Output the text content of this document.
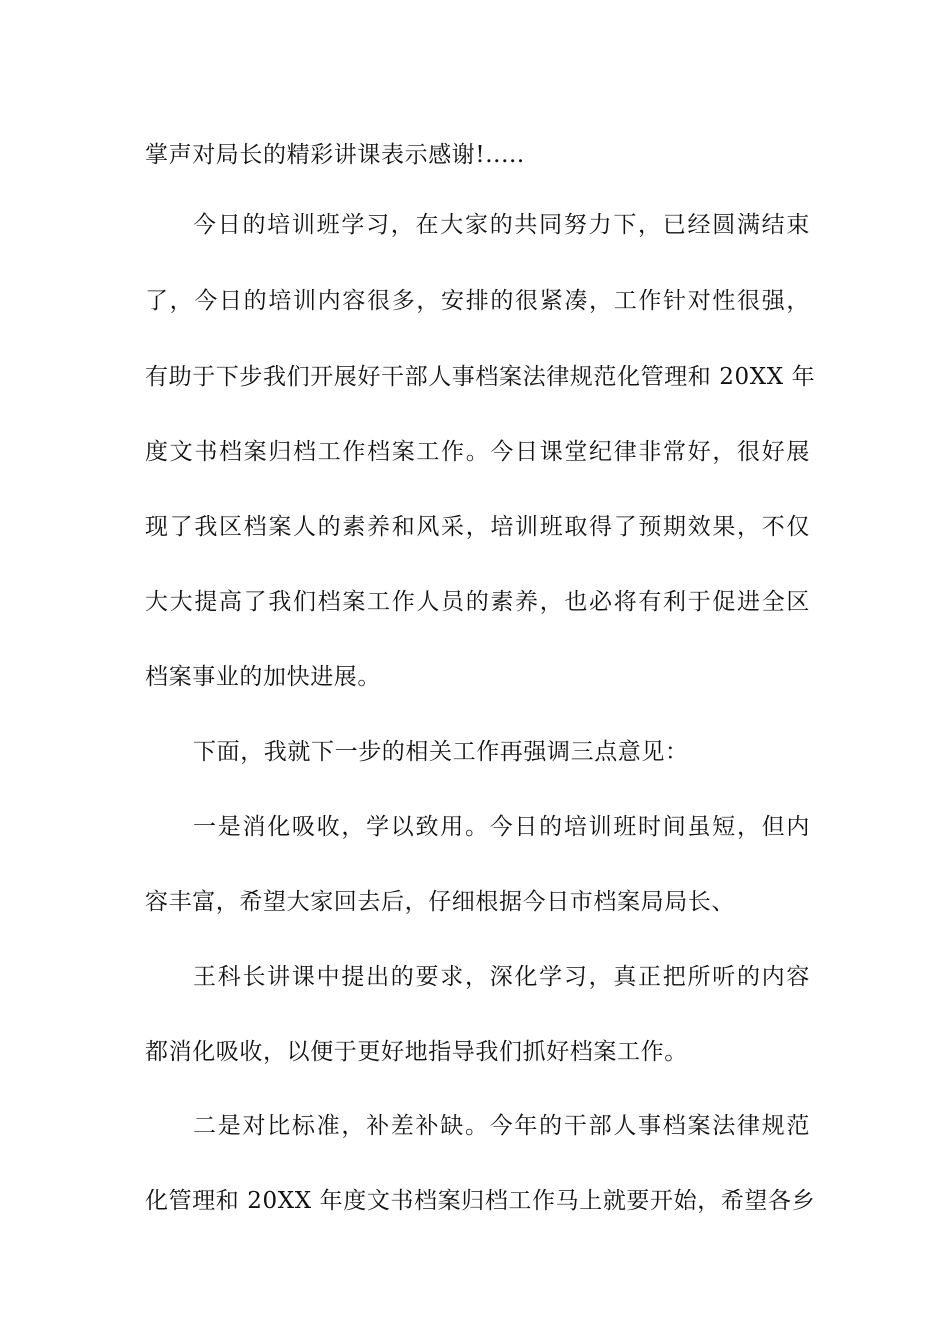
掌声对局长的精彩讲课表示感谢!.....
今日的培训班学习，在大家的共同努力下，已经圆满结束
了，今日的培训内容很多，安排的很紧凑，工作针对性很强，
有助于下步我们开展好干部人事档案法律规范化管理和 20XX 年
度文书档案归档工作档案工作。今日课堂纪律非常好，很好展
现了我区档案人的素养和风采，培训班取得了预期效果，不仅
大大提高了我们档案工作人员的素养，也必将有利于促进全区
档案事业的加快进展。
下面，我就下一步的相关工作再强调三点意见：
一是消化吸收，学以致用。今日的培训班时间虽短，但内
容丰富，希望大家回去后，仔细根据今日市档案局局长、
王科长讲课中提出的要求，深化学习，真正把所听的内容
都消化吸收，以便于更好地指导我们抓好档案工作。
二是对比标准，补差补缺。今年的干部人事档案法律规范
化管理和 20XX 年度文书档案归档工作马上就要开始，希望各乡
